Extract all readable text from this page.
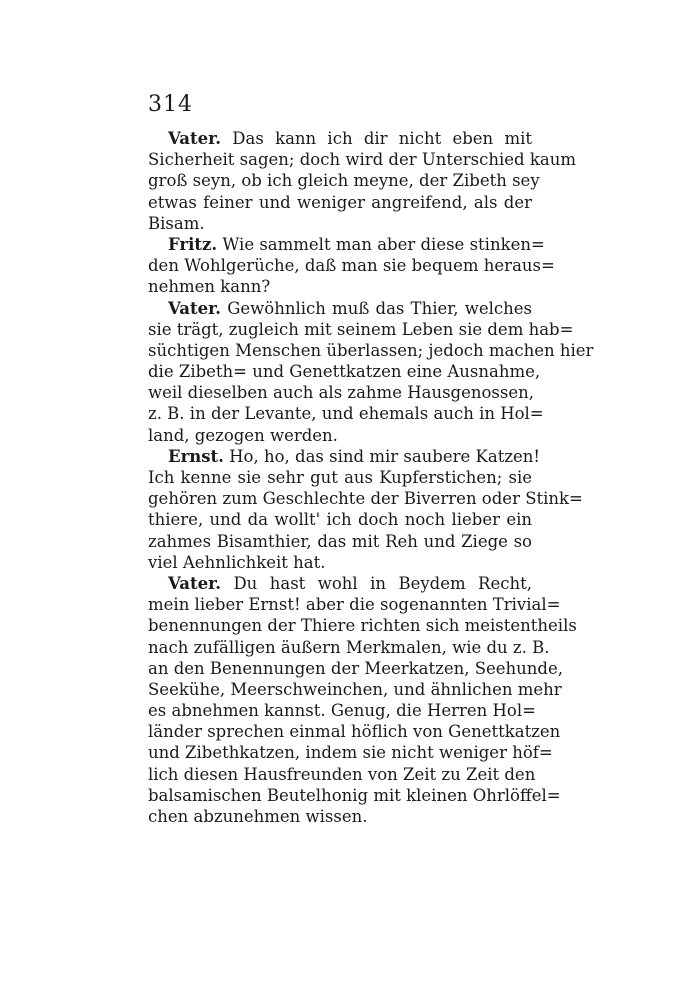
314
Vater. Das kann ich dir nicht eben mit
Sicherheit sagen; doch wird der Unterschied kaum
groß seyn, ob ich gleich meyne, der Zibeth sey
etwas feiner und weniger angreifend, als der
Bisam.
Fritz. Wie sammelt man aber diese stinken=
den Wohlgerüche, daß man sie bequem heraus=
nehmen kann?
Vater. Gewöhnlich muß das Thier, welches
sie trägt, zugleich mit seinem Leben sie dem hab=
süchtigen Menschen überlassen; jedoch machen hier
die Zibeth= und Genettkatzen eine Ausnahme,
weil dieselben auch als zahme Hausgenossen,
z. B. in der Levante, und ehemals auch in Hol=
land, gezogen werden.
Ernst. Ho, ho, das sind mir saubere Katzen!
Ich kenne sie sehr gut aus Kupferstichen; sie
gehören zum Geschlechte der Biverren oder Stink=
thiere, und da wollt' ich doch noch lieber ein
zahmes Bisamthier, das mit Reh und Ziege so
viel Aehnlichkeit hat.
Vater. Du hast wohl in Beydem Recht,
mein lieber Ernst! aber die sogenannten Trivial=
benennungen der Thiere richten sich meistentheils
nach zufälligen äußern Merkmalen, wie du z. B.
an den Benennungen der Meerkatzen, Seehunde,
Seekühe, Meerschweinchen, und ähnlichen mehr
es abnehmen kannst. Genug, die Herren Hol=
länder sprechen einmal höflich von Genettkatzen
und Zibethkatzen, indem sie nicht weniger höf=
lich diesen Hausfreunden von Zeit zu Zeit den
balsamischen Beutelhonig mit kleinen Ohrlöffel=
chen abzunehmen wissen.
